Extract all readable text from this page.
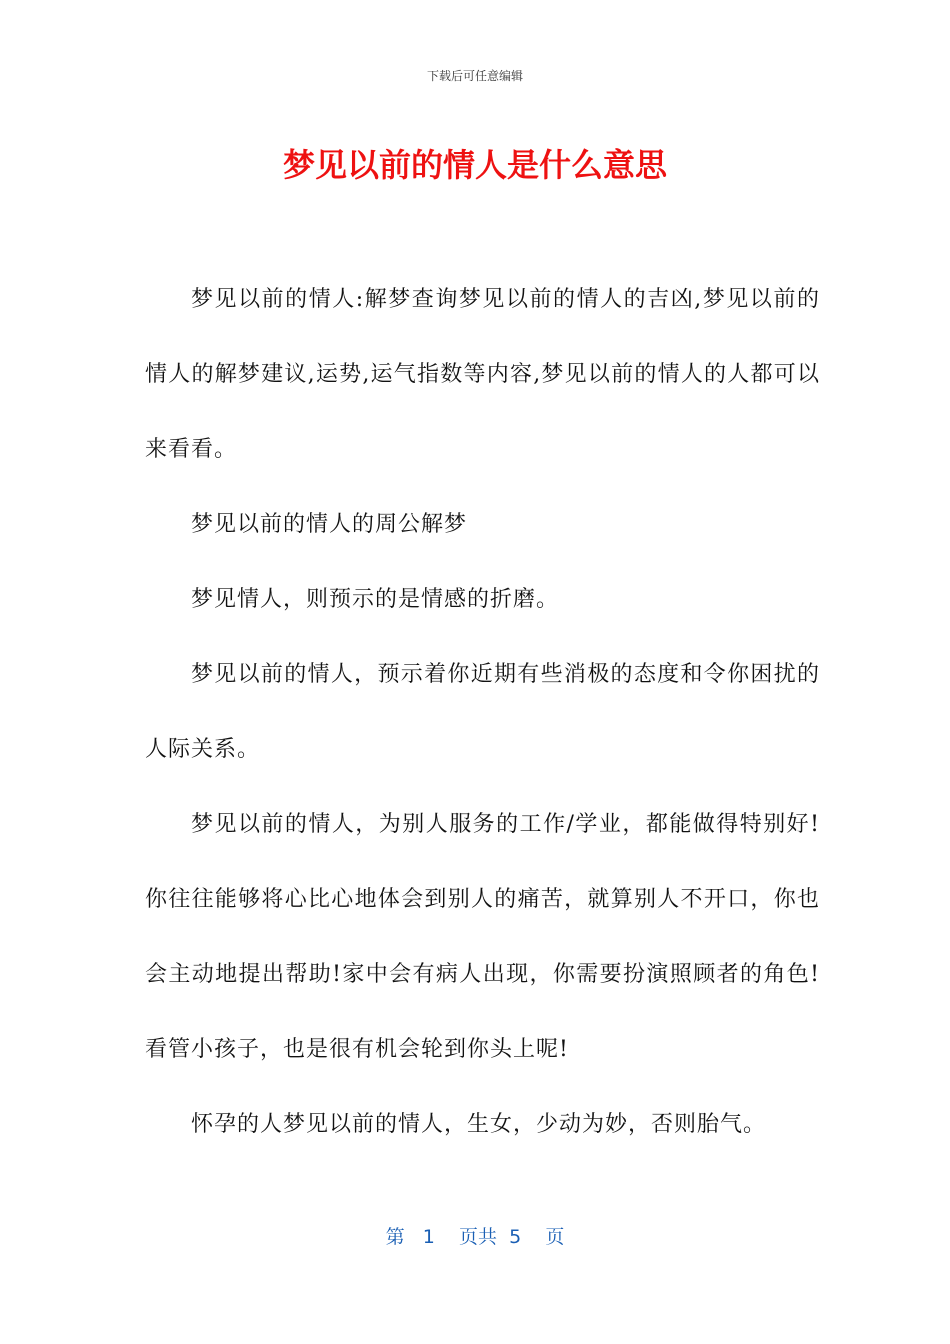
下载后可任意编辑
梦见以前的情人是什么意思

梦见以前的情人:解梦查询梦见以前的情人的吉凶,梦见以前的情人的解梦建议,运势,运气指数等内容,梦见以前的情人的人都可以来看看。

梦见以前的情人的周公解梦

梦见情人，则预示的是情感的折磨。

梦见以前的情人，预示着你近期有些消极的态度和令你困扰的人际关系。

梦见以前的情人，为别人服务的工作/学业，都能做得特别好!你往往能够将心比心地体会到别人的痛苦，就算别人不开口，你也会主动地提出帮助!家中会有病人出现，你需要扮演照顾者的角色!看管小孩子，也是很有机会轮到你头上呢!

怀孕的人梦见以前的情人，生女，少动为妙，否则胎气。

第 1 页共 5 页
